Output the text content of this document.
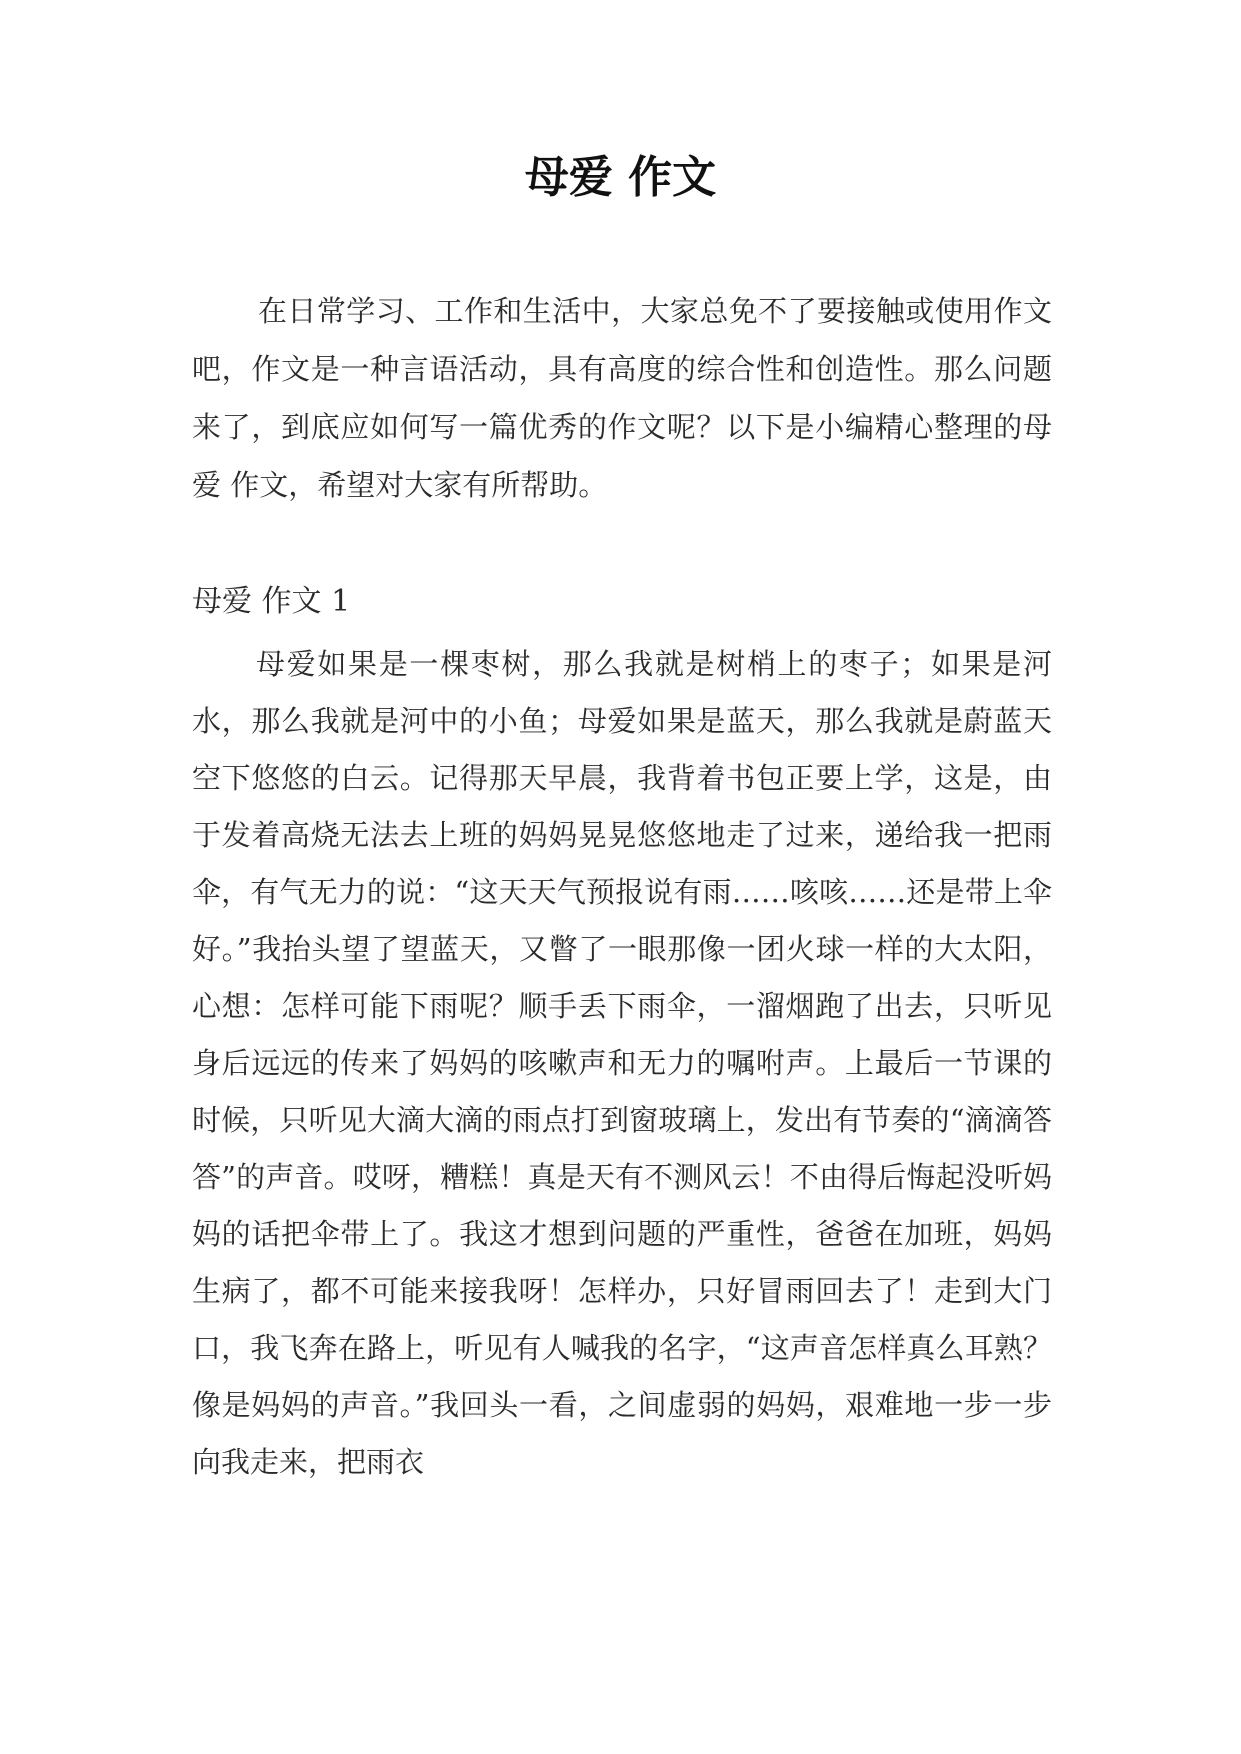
母爱 作文

在日常学习、工作和生活中，大家总免不了要接触或使用作文吧，作文是一种言语活动，具有高度的综合性和创造性。那么问题来了，到底应如何写一篇优秀的作文呢？以下是小编精心整理的母爱 作文，希望对大家有所帮助。

母爱 作文 1

母爱如果是一棵枣树，那么我就是树梢上的枣子；如果是河水，那么我就是河中的小鱼；母爱如果是蓝天，那么我就是蔚蓝天空下悠悠的白云。记得那天早晨，我背着书包正要上学，这是，由于发着高烧无法去上班的妈妈晃晃悠悠地走了过来，递给我一把雨伞，有气无力的说：“这天天气预报说有雨……咳咳……还是带上伞好。”我抬头望了望蓝天，又瞥了一眼那像一团火球一样的大太阳，心想：怎样可能下雨呢？顺手丢下雨伞，一溜烟跑了出去，只听见身后远远的传来了妈妈的咳嗽声和无力的嘱咐声。上最后一节课的时候，只听见大滴大滴的雨点打到窗玻璃上，发出有节奏的“滴滴答答”的声音。哎呀，糟糕！真是天有不测风云！不由得后悔起没听妈妈的话把伞带上了。我这才想到问题的严重性，爸爸在加班，妈妈生病了，都不可能来接我呀！怎样办，只好冒雨回去了！走到大门口，我飞奔在路上，听见有人喊我的名字，“这声音怎样真么耳熟？像是妈妈的声音。”我回头一看，之间虚弱的妈妈，艰难地一步一步向我走来，把雨衣
